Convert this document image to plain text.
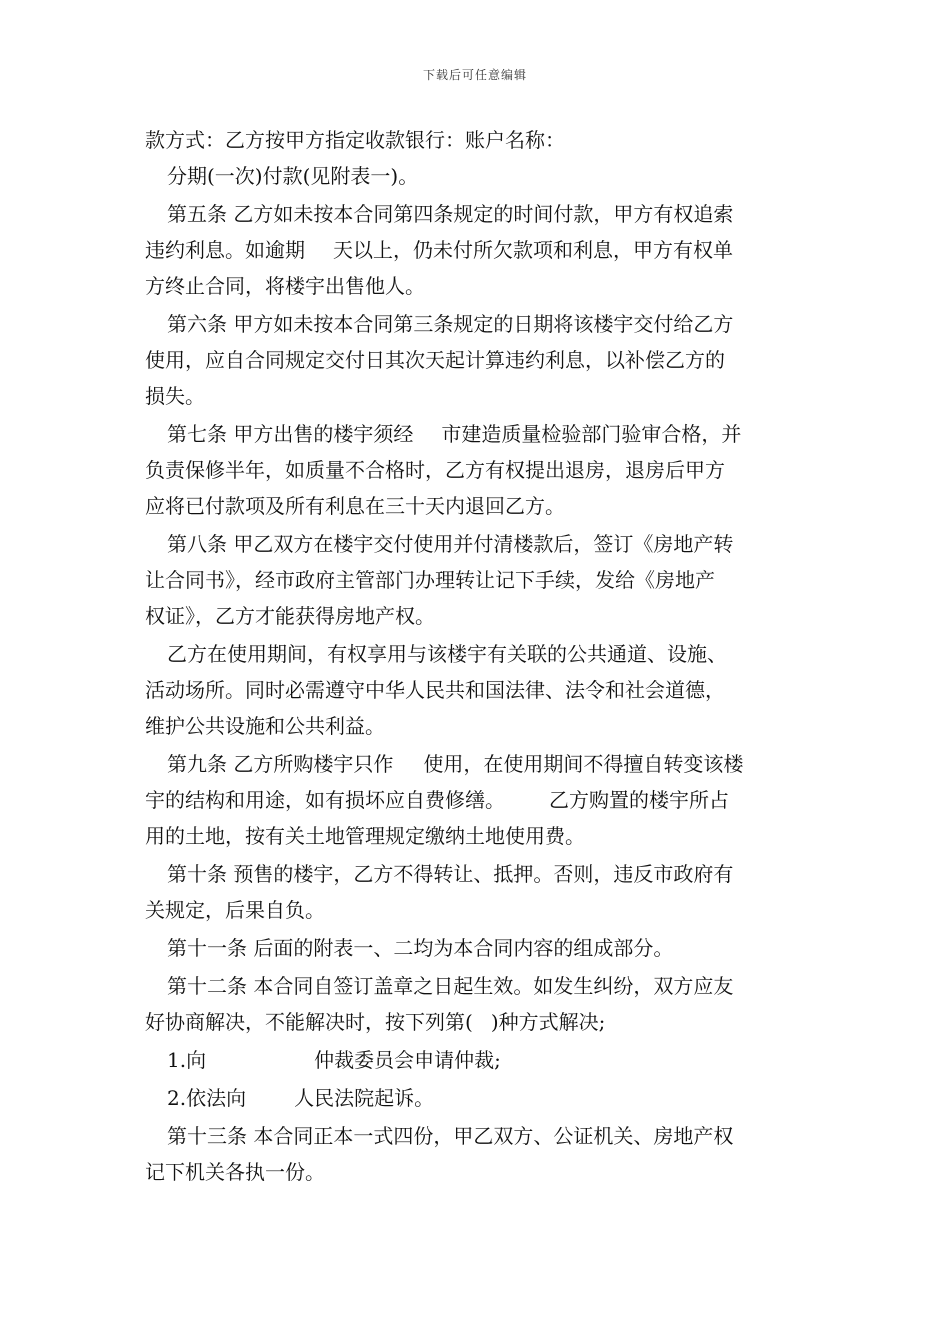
下载后可任意编辑
款方式：乙方按甲方指定收款银行：账户名称：
分期(一次)付款(见附表一)。
第五条 乙方如未按本合同第四条规定的时间付款，甲方有权追索
违约利息。如逾期 天以上，仍未付所欠款项和利息，甲方有权单
方终止合同，将楼宇出售他人。
第六条 甲方如未按本合同第三条规定的日期将该楼宇交付给乙方
使用，应自合同规定交付日其次天起计算违约利息，以补偿乙方的
损失。
第七条 甲方出售的楼宇须经 市建造质量检验部门验审合格，并
负责保修半年，如质量不合格时，乙方有权提出退房，退房后甲方
应将已付款项及所有利息在三十天内退回乙方。
第八条 甲乙双方在楼宇交付使用并付清楼款后，签订《房地产转
让合同书》，经市政府主管部门办理转让记下手续，发给《房地产
权证》，乙方才能获得房地产权。
乙方在使用期间，有权享用与该楼宇有关联的公共通道、设施、
活动场所。同时必需遵守中华人民共和国法律、法令和社会道德，
维护公共设施和公共利益。
第九条 乙方所购楼宇只作 使用，在使用期间不得擅自转变该楼
宇的结构和用途，如有损坏应自费修缮。 乙方购置的楼宇所占
用的土地，按有关土地管理规定缴纳土地使用费。
第十条 预售的楼宇，乙方不得转让、抵押。否则，违反市政府有
关规定，后果自负。
第十一条 后面的附表一、二均为本合同内容的组成部分。
第十二条 本合同自签订盖章之日起生效。如发生纠纷，双方应友
好协商解决，不能解决时，按下列第( )种方式解决;
1.向	仲裁委员会申请仲裁;
2.依法向 人民法院起诉。
第十三条 本合同正本一式四份，甲乙双方、公证机关、房地产权
记下机关各执一份。
